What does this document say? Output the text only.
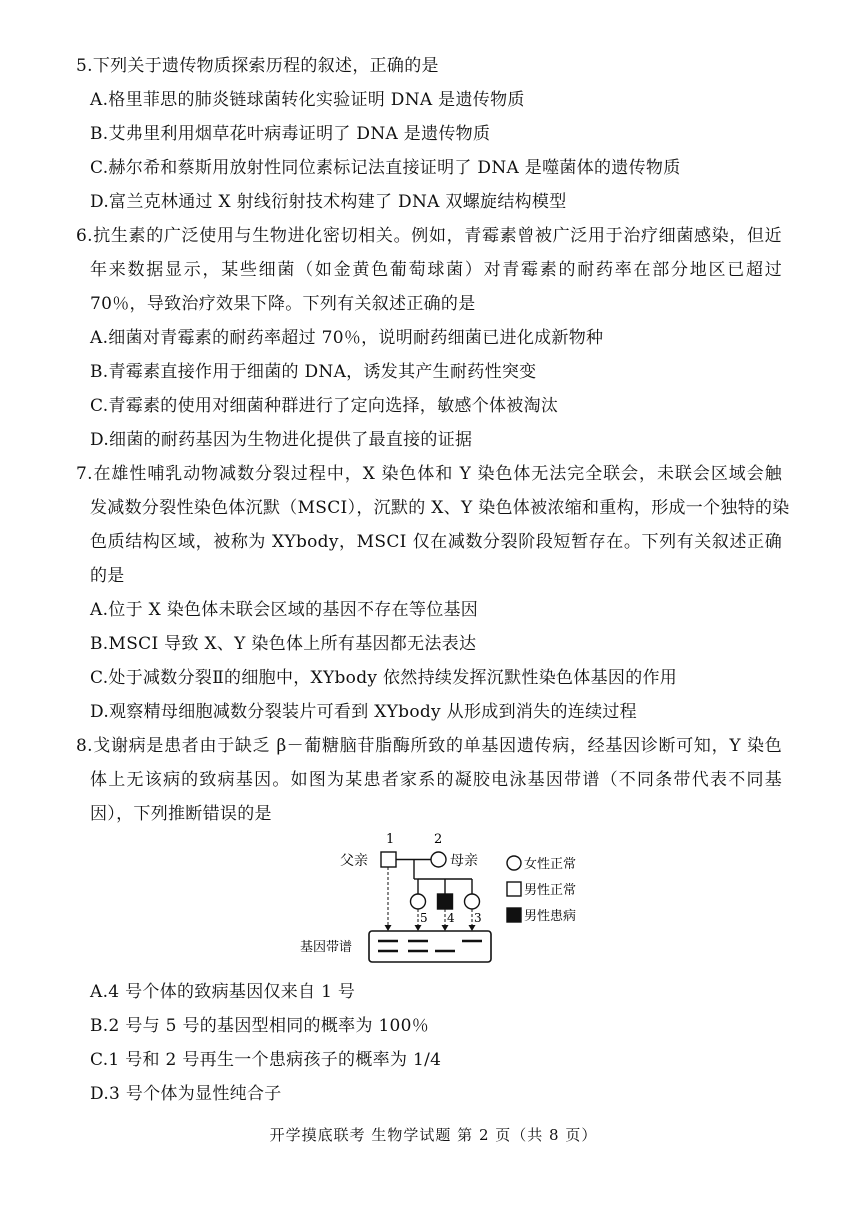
5.下列关于遗传物质探索历程的叙述，正确的是
A.格里菲思的肺炎链球菌转化实验证明 DNA 是遗传物质
B.艾弗里利用烟草花叶病毒证明了 DNA 是遗传物质
C.赫尔希和蔡斯用放射性同位素标记法直接证明了 DNA 是噬菌体的遗传物质
D.富兰克林通过 X 射线衍射技术构建了 DNA 双螺旋结构模型
6.抗生素的广泛使用与生物进化密切相关。例如，青霉素曾被广泛用于治疗细菌感染，但近
年来数据显示，某些细菌（如金黄色葡萄球菌）对青霉素的耐药率在部分地区已超过
70％，导致治疗效果下降。下列有关叙述正确的是
A.细菌对青霉素的耐药率超过 70％，说明耐药细菌已进化成新物种
B.青霉素直接作用于细菌的 DNA，诱发其产生耐药性突变
C.青霉素的使用对细菌种群进行了定向选择，敏感个体被淘汰
D.细菌的耐药基因为生物进化提供了最直接的证据
7.在雄性哺乳动物减数分裂过程中，X 染色体和 Y 染色体无法完全联会，未联会区域会触
发减数分裂性染色体沉默（MSCI），沉默的 X、Y 染色体被浓缩和重构，形成一个独特的染
色质结构区域，被称为 XYbody，MSCI 仅在减数分裂阶段短暂存在。下列有关叙述正确
的是
A.位于 X 染色体未联会区域的基因不存在等位基因
B.MSCI 导致 X、Y 染色体上所有基因都无法表达
C.处于减数分裂Ⅱ的细胞中，XYbody 依然持续发挥沉默性染色体基因的作用
D.观察精母细胞减数分裂装片可看到 XYbody 从形成到消失的连续过程
8.戈谢病是患者由于缺乏 β－葡糖脑苷脂酶所致的单基因遗传病，经基因诊断可知，Y 染色
体上无该病的致病基因。如图为某患者家系的凝胶电泳基因带谱（不同条带代表不同基
因），下列推断错误的是
1	2
父亲	母亲
5 4 3
基因带谱
女性正常
男性正常
男性患病
A.4 号个体的致病基因仅来自 1 号
B.2 号与 5 号的基因型相同的概率为 100％
C.1 号和 2 号再生一个患病孩子的概率为 1/4
D.3 号个体为显性纯合子
开学摸底联考 生物学试题 第 2 页（共 8 页）
